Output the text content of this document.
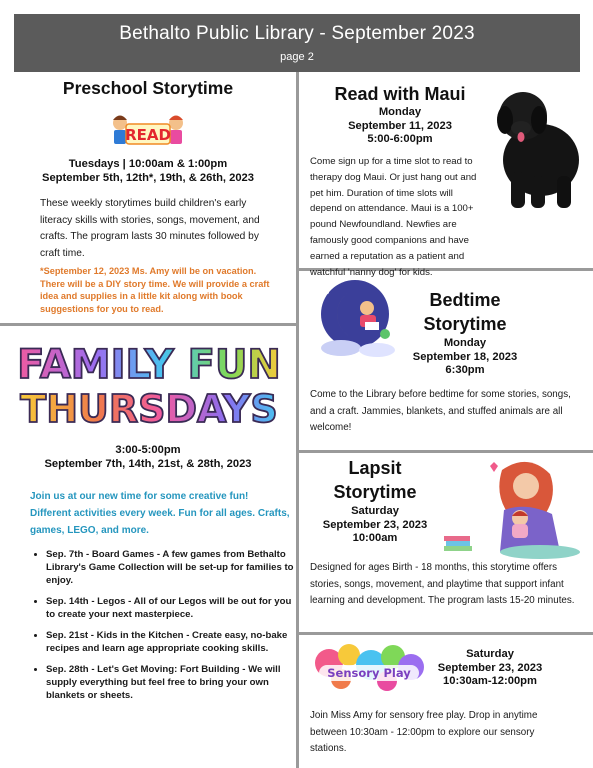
Bethalto Public Library - September 2023
page 2
Preschool Storytime
READ
Tuesdays | 10:00am & 1:00pm
September 5th, 12th*, 19th, & 26th, 2023
These weekly storytimes build children's early literacy skills with stories, songs, movement, and crafts. The program lasts 30 minutes followed by craft time.
*September 12, 2023 Ms. Amy will be on vacation. There will be a DIY story time. We will provide a craft idea and supplies in a little kit along with book suggestions for you to read.
FAMILY FUN
THURSDAYS
3:00-5:00pm
September 7th, 14th, 21st, & 28th, 2023
Join us at our new time for some creative fun! Different activities every week. Fun for all ages. Crafts, games, LEGO, and more.
• Sep. 7th - Board Games - A few games from Bethalto Library's Game Collection will be set-up for families to enjoy.
• Sep. 14th - Legos - All of our Legos will be out for you to create your next masterpiece.
• Sep. 21st - Kids in the Kitchen - Create easy, no-bake recipes and learn age appropriate cooking skills.
• Sep. 28th - Let's Get Moving: Fort Building - We will supply everything but feel free to bring your own blankets or sheets.
Read with Maui
Monday
September 11, 2023
5:00-6:00pm
Come sign up for a time slot to read to therapy dog Maui. Or just hang out and pet him. Duration of time slots will depend on attendance. Maui is a 100+ pound Newfoundland. Newfies are famously good companions and have earned a reputation as a patient and watchful 'nanny dog' for kids.
Bedtime
Storytime
Monday
September 18, 2023
6:30pm
Come to the Library before bedtime for some stories, songs, and a craft. Jammies, blankets, and stuffed animals are all welcome!
Lapsit
Storytime
Saturday
September 23, 2023
10:00am
Designed for ages Birth - 18 months, this storytime offers stories, songs, movement, and playtime that support infant learning and development. The program lasts 15-20 minutes.
Sensory Play
Saturday
September 23, 2023
10:30am-12:00pm
Join Miss Amy for sensory free play. Drop in anytime between 10:30am - 12:00pm to explore our sensory stations.
